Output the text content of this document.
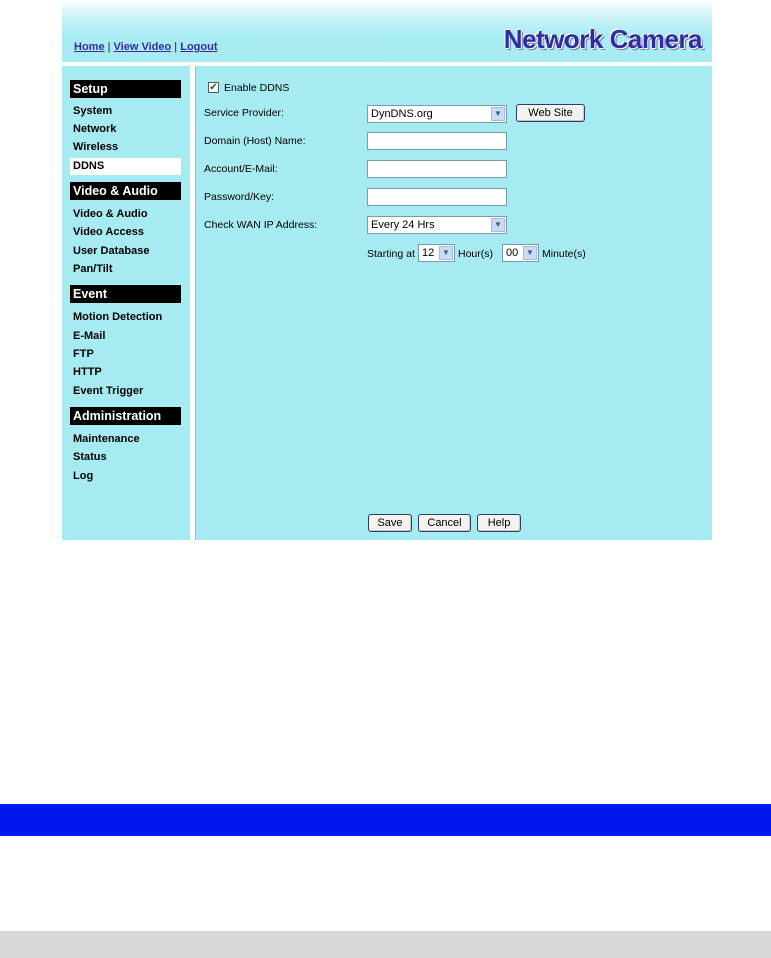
Home | View Video | Logout	Network Camera
Setup
System
Network
Wireless
DDNS
Video & Audio
Video & Audio
Video Access
User Database
Pan/Tilt
Event
Motion Detection
E-Mail
FTP
HTTP
Event Trigger
Administration
Maintenance
Status
Log
✔ Enable DDNS
Service Provider:	DynDNS.org	▼	Web Site
Domain (Host) Name:
Account/E-Mail:
Password/Key:
Check WAN IP Address:	Every 24 Hrs	▼
Starting at 12 ▼ Hour(s)	00 ▼ Minute(s)
Save	Cancel	Help
